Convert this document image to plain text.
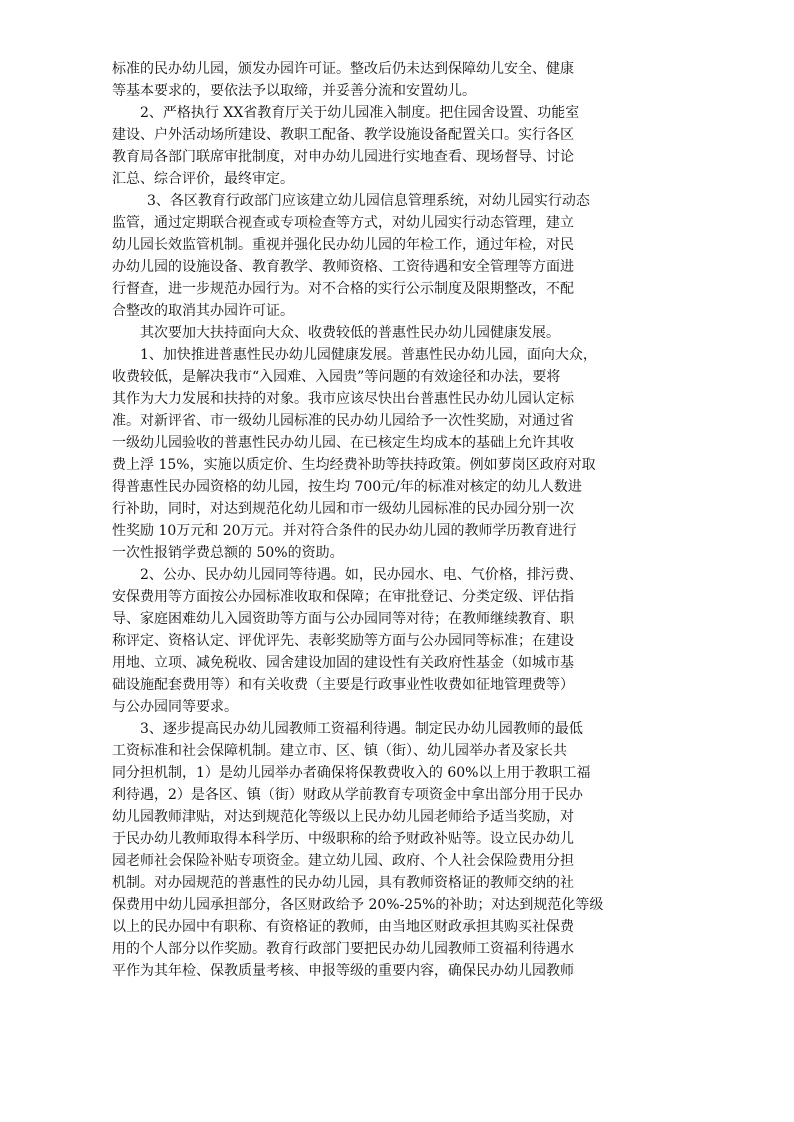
标准的民办幼儿园，颁发办园许可证。整改后仍未达到保障幼儿安全、健康
等基本要求的，要依法予以取缔，并妥善分流和安置幼儿。
2、严格执行 XX省教育厅关于幼儿园准入制度。把住园舍设置、功能室
建设、户外活动场所建设、教职工配备、教学设施设备配置关口。实行各区
教育局各部门联席审批制度，对申办幼儿园进行实地查看、现场督导、讨论
汇总、综合评价，最终审定。
3、各区教育行政部门应该建立幼儿园信息管理系统，对幼儿园实行动态
监管，通过定期联合视查或专项检查等方式，对幼儿园实行动态管理，建立
幼儿园长效监管机制。重视并强化民办幼儿园的年检工作，通过年检，对民
办幼儿园的设施设备、教育教学、教师资格、工资待遇和安全管理等方面进
行督查，进一步规范办园行为。对不合格的实行公示制度及限期整改，不配
合整改的取消其办园许可证。
其次要加大扶持面向大众、收费较低的普惠性民办幼儿园健康发展。
1、加快推进普惠性民办幼儿园健康发展。普惠性民办幼儿园，面向大众，
收费较低，是解决我市“入园难、入园贵”等问题的有效途径和办法，要将
其作为大力发展和扶持的对象。我市应该尽快出台普惠性民办幼儿园认定标
准。对新评省、市一级幼儿园标准的民办幼儿园给予一次性奖励，对通过省
一级幼儿园验收的普惠性民办幼儿园、在已核定生均成本的基础上允许其收
费上浮 15%，实施以质定价、生均经费补助等扶持政策。例如萝岗区政府对取
得普惠性民办园资格的幼儿园，按生均 700元/年的标准对核定的幼儿人数进
行补助，同时，对达到规范化幼儿园和市一级幼儿园标准的民办园分别一次
性奖励 10万元和 20万元。并对符合条件的民办幼儿园的教师学历教育进行
一次性报销学费总额的 50%的资助。
2、公办、民办幼儿园同等待遇。如，民办园水、电、气价格，排污费、
安保费用等方面按公办园标准收取和保障；在审批登记、分类定级、评估指
导、家庭困难幼儿入园资助等方面与公办园同等对待；在教师继续教育、职
称评定、资格认定、评优评先、表彰奖励等方面与公办园同等标准；在建设
用地、立项、减免税收、园舍建设加固的建设性有关政府性基金（如城市基
础设施配套费用等）和有关收费（主要是行政事业性收费如征地管理费等）
与公办园同等要求。
3、逐步提高民办幼儿园教师工资福利待遇。制定民办幼儿园教师的最低
工资标准和社会保障机制。建立市、区、镇（街）、幼儿园举办者及家长共
同分担机制，1）是幼儿园举办者确保将保教费收入的 60%以上用于教职工福
利待遇，2）是各区、镇（街）财政从学前教育专项资金中拿出部分用于民办
幼儿园教师津贴，对达到规范化等级以上民办幼儿园老师给予适当奖励，对
于民办幼儿教师取得本科学历、中级职称的给予财政补贴等。设立民办幼儿
园老师社会保险补贴专项资金。建立幼儿园、政府、个人社会保险费用分担
机制。对办园规范的普惠性的民办幼儿园，具有教师资格证的教师交纳的社
保费用中幼儿园承担部分，各区财政给予 20%-25%的补助；对达到规范化等级
以上的民办园中有职称、有资格证的教师，由当地区财政承担其购买社保费
用的个人部分以作奖励。教育行政部门要把民办幼儿园教师工资福利待遇水
平作为其年检、保教质量考核、申报等级的重要内容，确保民办幼儿园教师
